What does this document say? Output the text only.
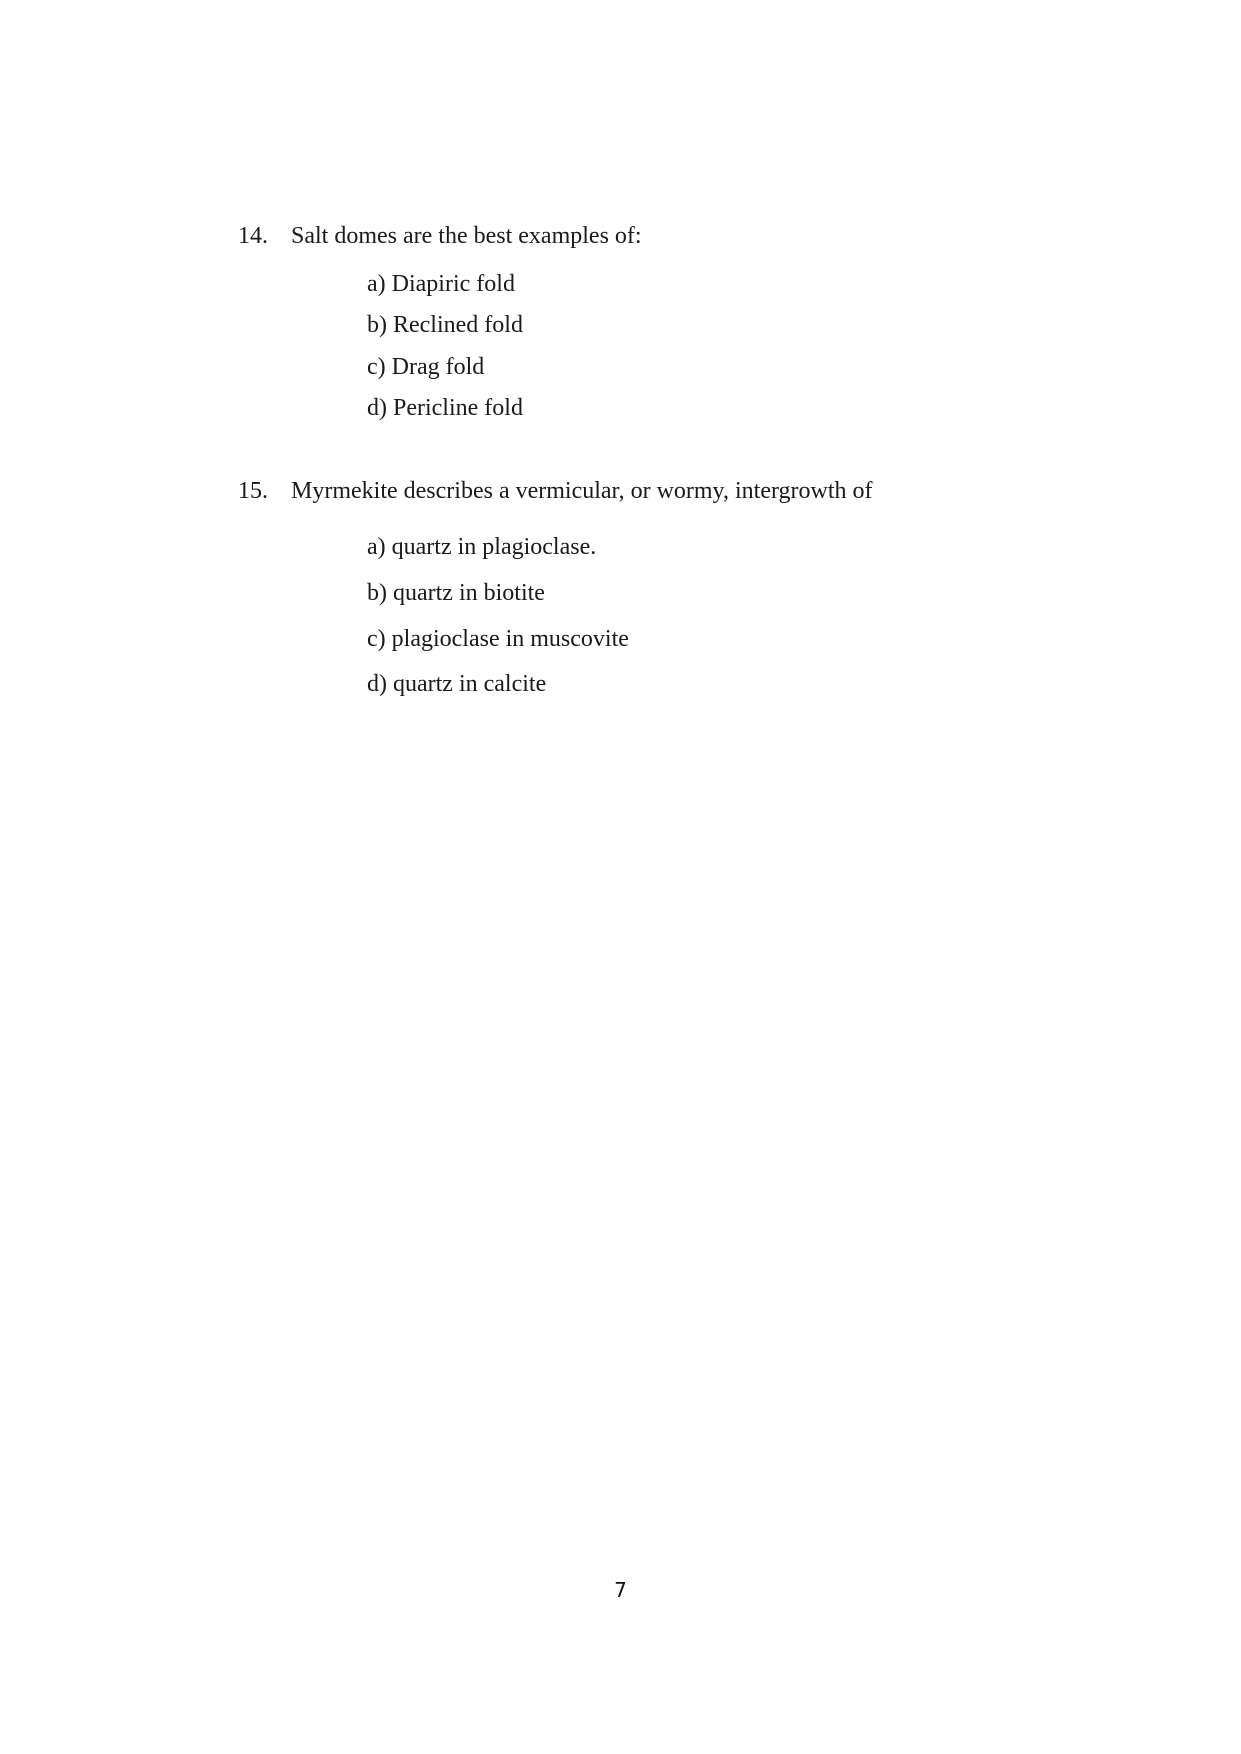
14. Salt domes are the best examples of:
a) Diapiric fold
b) Reclined fold
c) Drag fold
d) Pericline fold
15. Myrmekite describes a vermicular, or wormy, intergrowth of
a) quartz in plagioclase.
b) quartz in biotite
c) plagioclase in muscovite
d) quartz in calcite
7
